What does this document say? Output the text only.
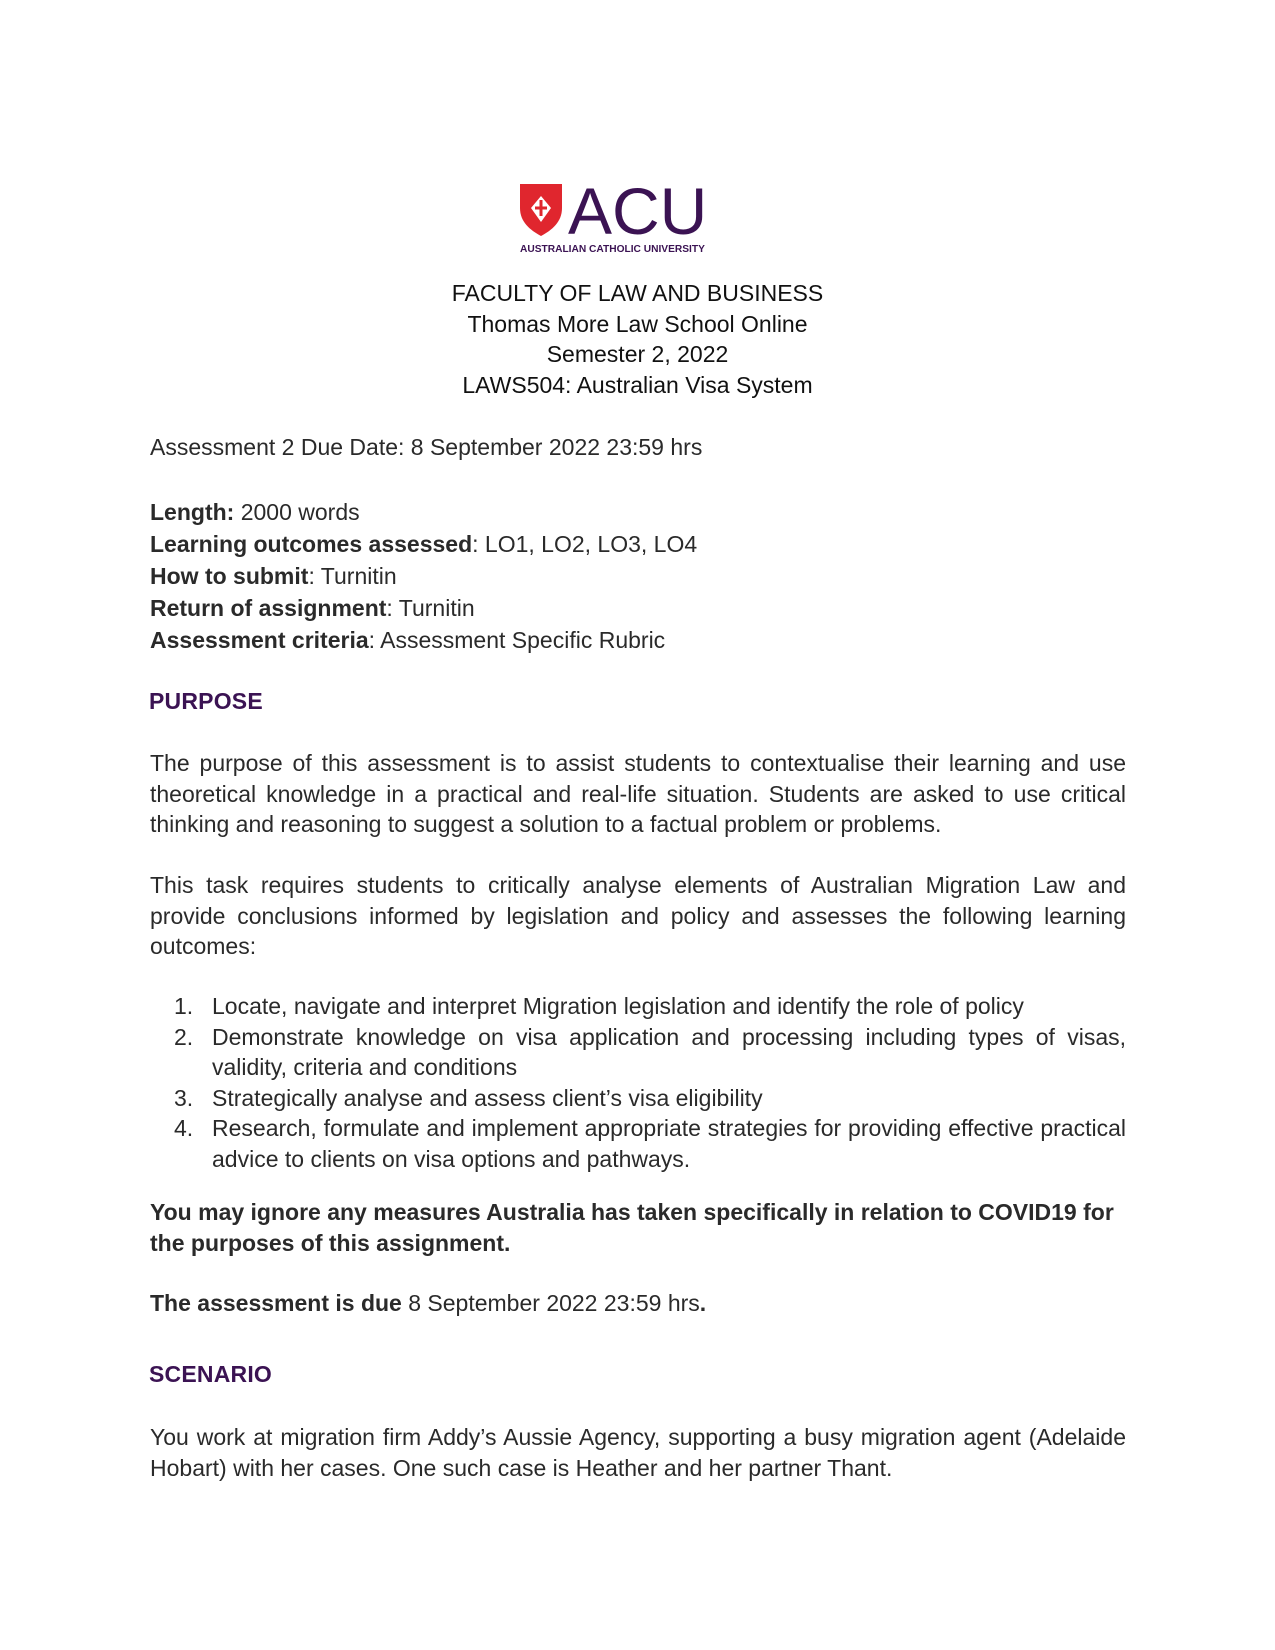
ACU
AUSTRALIAN CATHOLIC UNIVERSITY
FACULTY OF LAW AND BUSINESS
Thomas More Law School Online
Semester 2, 2022
LAWS504: Australian Visa System
Assessment 2 Due Date: 8 September 2022 23:59 hrs
Length: 2000 words
Learning outcomes assessed: LO1, LO2, LO3, LO4
How to submit: Turnitin
Return of assignment: Turnitin
Assessment criteria: Assessment Specific Rubric
PURPOSE
The purpose of this assessment is to assist students to contextualise their learning and use theoretical knowledge in a practical and real-life situation. Students are asked to use critical thinking and reasoning to suggest a solution to a factual problem or problems.
This task requires students to critically analyse elements of Australian Migration Law and provide conclusions informed by legislation and policy and assesses the following learning outcomes:
1. Locate, navigate and interpret Migration legislation and identify the role of policy
2. Demonstrate knowledge on visa application and processing including types of visas, validity, criteria and conditions
3. Strategically analyse and assess client’s visa eligibility
4. Research, formulate and implement appropriate strategies for providing effective practical advice to clients on visa options and pathways.
You may ignore any measures Australia has taken specifically in relation to COVID19 for the purposes of this assignment.
The assessment is due 8 September 2022 23:59 hrs.
SCENARIO
You work at migration firm Addy’s Aussie Agency, supporting a busy migration agent (Adelaide Hobart) with her cases. One such case is Heather and her partner Thant.
